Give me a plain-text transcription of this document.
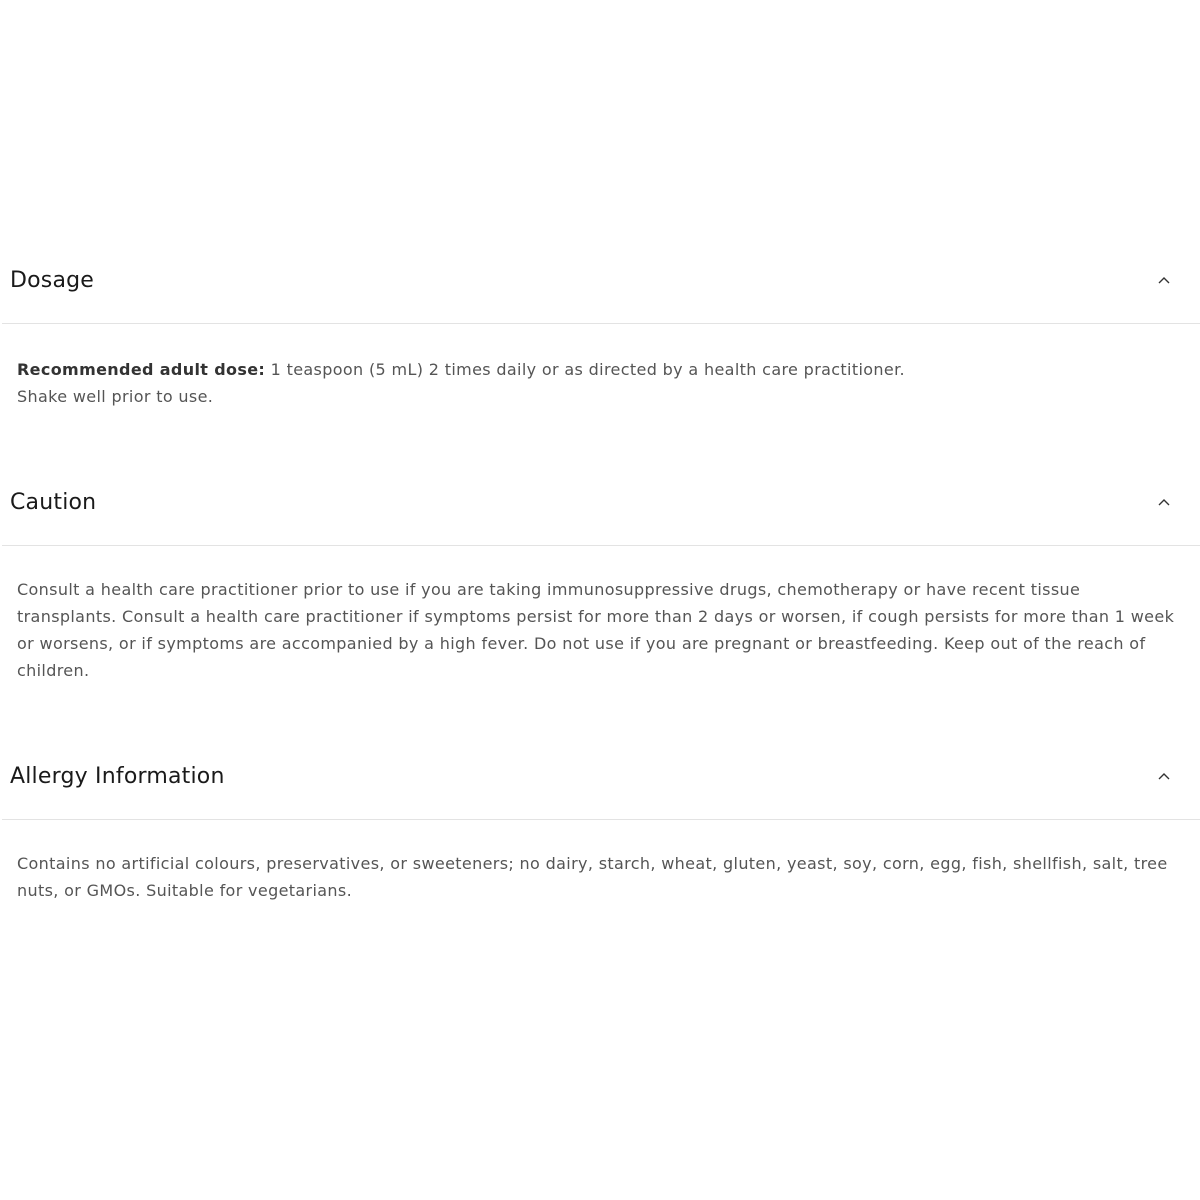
Dosage

Recommended adult dose: 1 teaspoon (5 mL) 2 times daily or as directed by a health care practitioner.

Shake well prior to use.

Caution

Consult a health care practitioner prior to use if you are taking immunosuppressive drugs, chemotherapy or have recent tissue transplants. Consult a health care practitioner if symptoms persist for more than 2 days or worsen, if cough persists for more than 1 week or worsens, or if symptoms are accompanied by a high fever. Do not use if you are pregnant or breastfeeding. Keep out of the reach of children.

Allergy Information

Contains no artificial colours, preservatives, or sweeteners; no dairy, starch, wheat, gluten, yeast, soy, corn, egg, fish, shellfish, salt, tree nuts, or GMOs. Suitable for vegetarians.
